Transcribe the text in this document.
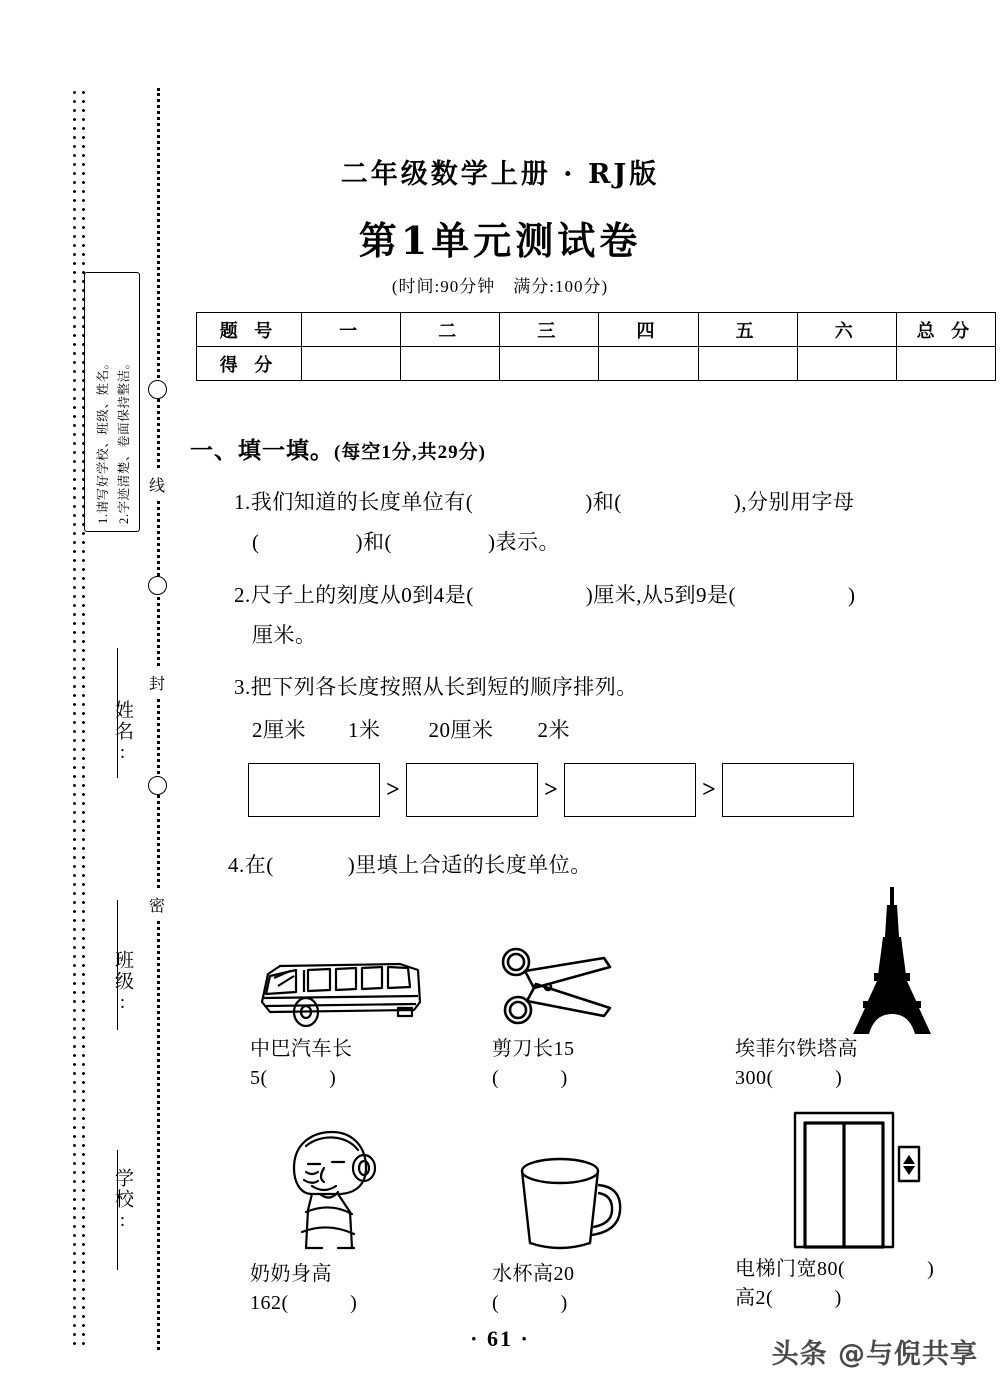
1.请写好学校、班级、姓名。 2.字迹清楚、卷面保持整洁。
姓名:
班级:
学校:
线
封
密
二年级数学上册 · RJ版
第1单元测试卷
(时间:90分钟　满分:100分)
题 号	一	二	三	四	五	六	总 分
得 分							
一、填一填。(每空1分,共29分)
1.我们知道的长度单位有(	)和(	),分别用字母
(	)和(	)表示。
2.尺子上的刻度从0到4是(	)厘米,从5到9是(	)
厘米。
3.把下列各长度按照从长到短的顺序排列。
2厘米 1米 20厘米 2米
>	>	>
4.在(	)里填上合适的长度单位。
中巴汽车长
5(　　　)
剪刀长15
(　　　)
埃菲尔铁塔高
300(　　　)
奶奶身高
162(　　　)
水杯高20
(　　　)
电梯门宽80(　　　　)
高2(　　　)
· 61 ·
头条 @与倪共享
